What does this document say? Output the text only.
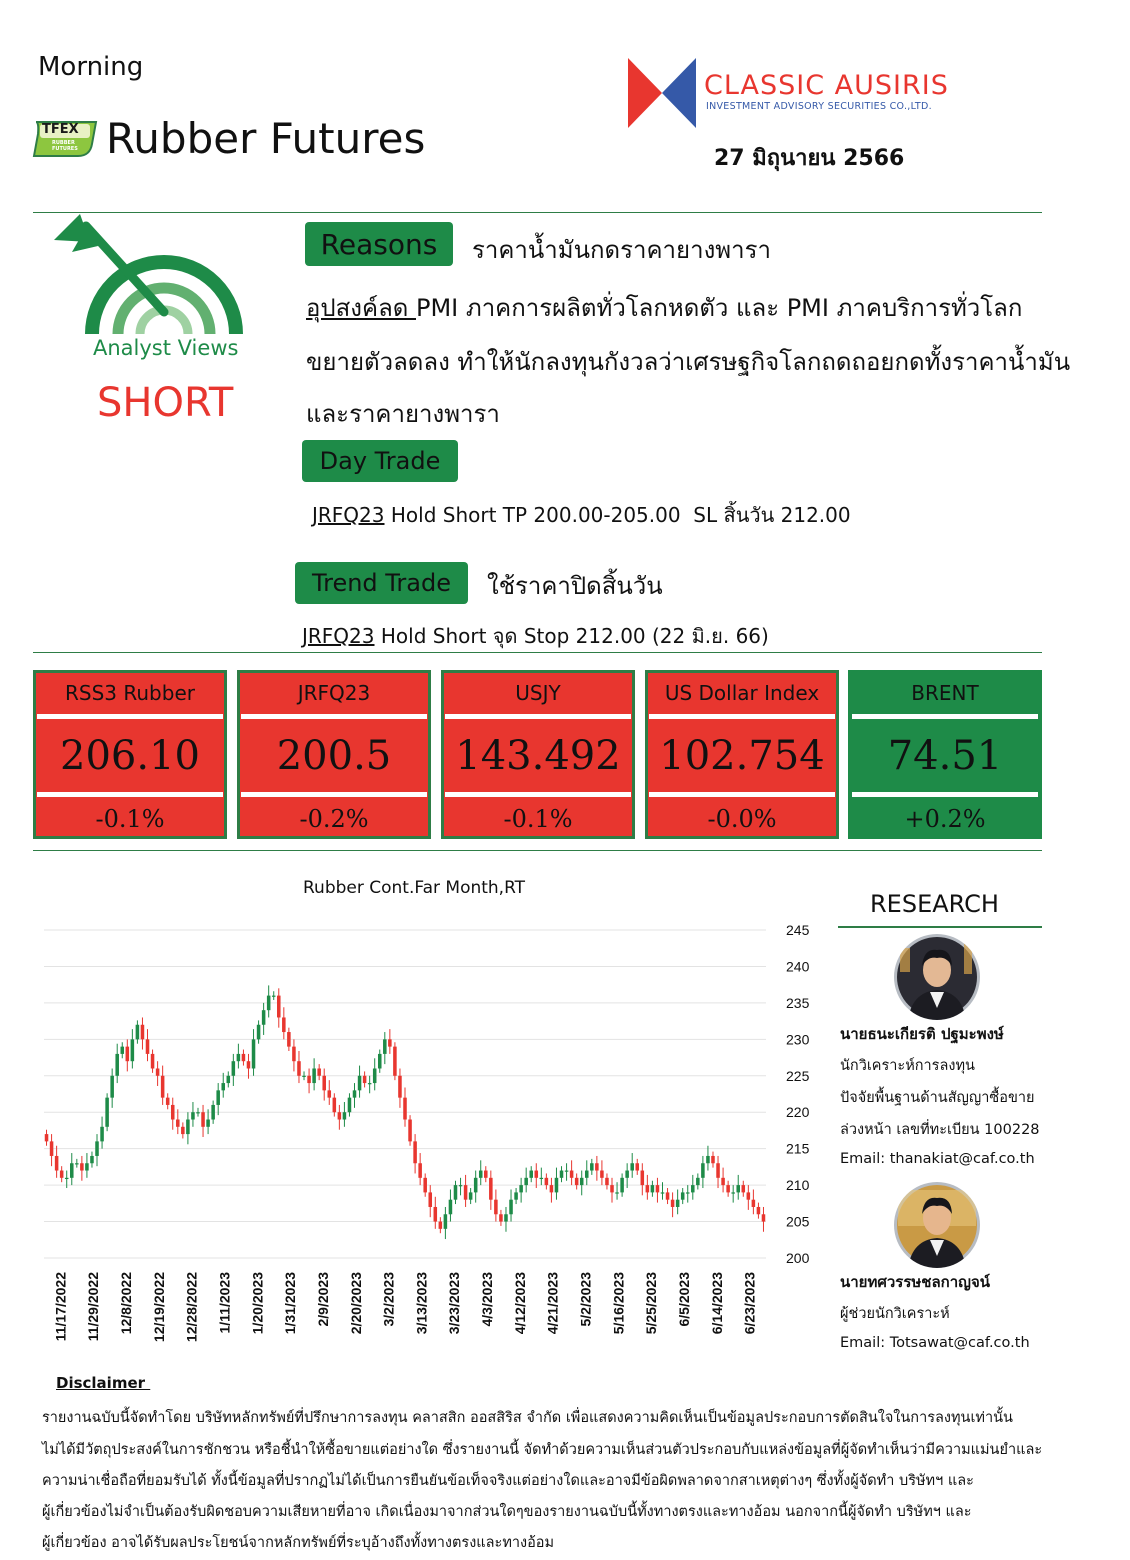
Morning
TFEX
RUBBER FUTURES Rubber Futures
CLASSIC AUSIRIS
INVESTMENT ADVISORY SECURITIES CO.,LTD.
27 มิถุนายน 2566
Analyst Views
SHORT
Reasons ราคาน้ำมันกดราคายางพารา
อุปสงค์ลด PMI ภาคการผลิตทั่วโลกหดตัว และ PMI ภาคบริการทั่วโลก
ขยายตัวลดลง ทำให้นักลงทุนกังวลว่าเศรษฐกิจโลกถดถอยกดทั้งราคาน้ำมัน
และราคายางพารา
Day Trade
JRFQ23 Hold Short TP 200.00-205.00  SL สิ้นวัน 212.00
Trend Trade ใช้ราคาปิดสิ้นวัน
JRFQ23 Hold Short จุด Stop 212.00 (22 มิ.ย. 66)
RSS3 Rubber
206.10
-0.1%
JRFQ23
200.5
-0.2%
USJY
143.492
-0.1%
US Dollar Index
102.754
-0.0%
BRENT
74.51
+0.2%
Rubber Cont.Far Month,RT
245
240
235
230
225
220
215
210
205
200
11/17/2022 11/29/2022 12/8/2022 12/19/2022 12/28/2022 1/11/2023 1/20/2023 1/31/2023 2/9/2023 2/20/2023 3/2/2023 3/13/2023 3/23/2023 4/3/2023 4/12/2023 4/21/2023 5/2/2023 5/16/2023 5/25/2023 6/5/2023 6/14/2023 6/23/2023
RESEARCH
นายธนะเกียรติ ปฐมะพงษ์
นักวิเคราะห์การลงทุน
ปัจจัยพื้นฐานด้านสัญญาซื้อขาย
ล่วงหน้า เลขที่ทะเบียน 100228
Email: thanakiat@caf.co.th
นายทศวรรษชลกาญจน์
ผู้ช่วยนักวิเคราะห์
Email: Totsawat@caf.co.th
Disclaimer
รายงานฉบับนี้จัดทำโดย บริษัทหลักทรัพย์ที่ปรึกษาการลงทุน คลาสสิก ออสสิริส จำกัด เพื่อแสดงความคิดเห็นเป็นข้อมูลประกอบการตัดสินใจในการลงทุนเท่านั้น
ไม่ได้มีวัตถุประสงค์ในการชักชวน หรือชี้นำให้ซื้อขายแต่อย่างใด ซึ่งรายงานนี้ จัดทำด้วยความเห็นส่วนตัวประกอบกับแหล่งข้อมูลที่ผู้จัดทำเห็นว่ามีความแม่นยำและ
ความน่าเชื่อถือที่ยอมรับได้ ทั้งนี้ข้อมูลที่ปรากฏไม่ได้เป็นการยืนยันข้อเท็จจริงแต่อย่างใดและอาจมีข้อผิดพลาดจากสาเหตุต่างๆ ซึ่งทั้งผู้จัดทำ บริษัทฯ และ
ผู้เกี่ยวข้องไม่จำเป็นต้องรับผิดชอบความเสียหายที่อาจ เกิดเนื่องมาจากส่วนใดๆของรายงานฉบับนี้ทั้งทางตรงและทางอ้อม นอกจากนี้ผู้จัดทำ บริษัทฯ และ
ผู้เกี่ยวข้อง อาจได้รับผลประโยชน์จากหลักทรัพย์ที่ระบุอ้างถึงทั้งทางตรงและทางอ้อม
